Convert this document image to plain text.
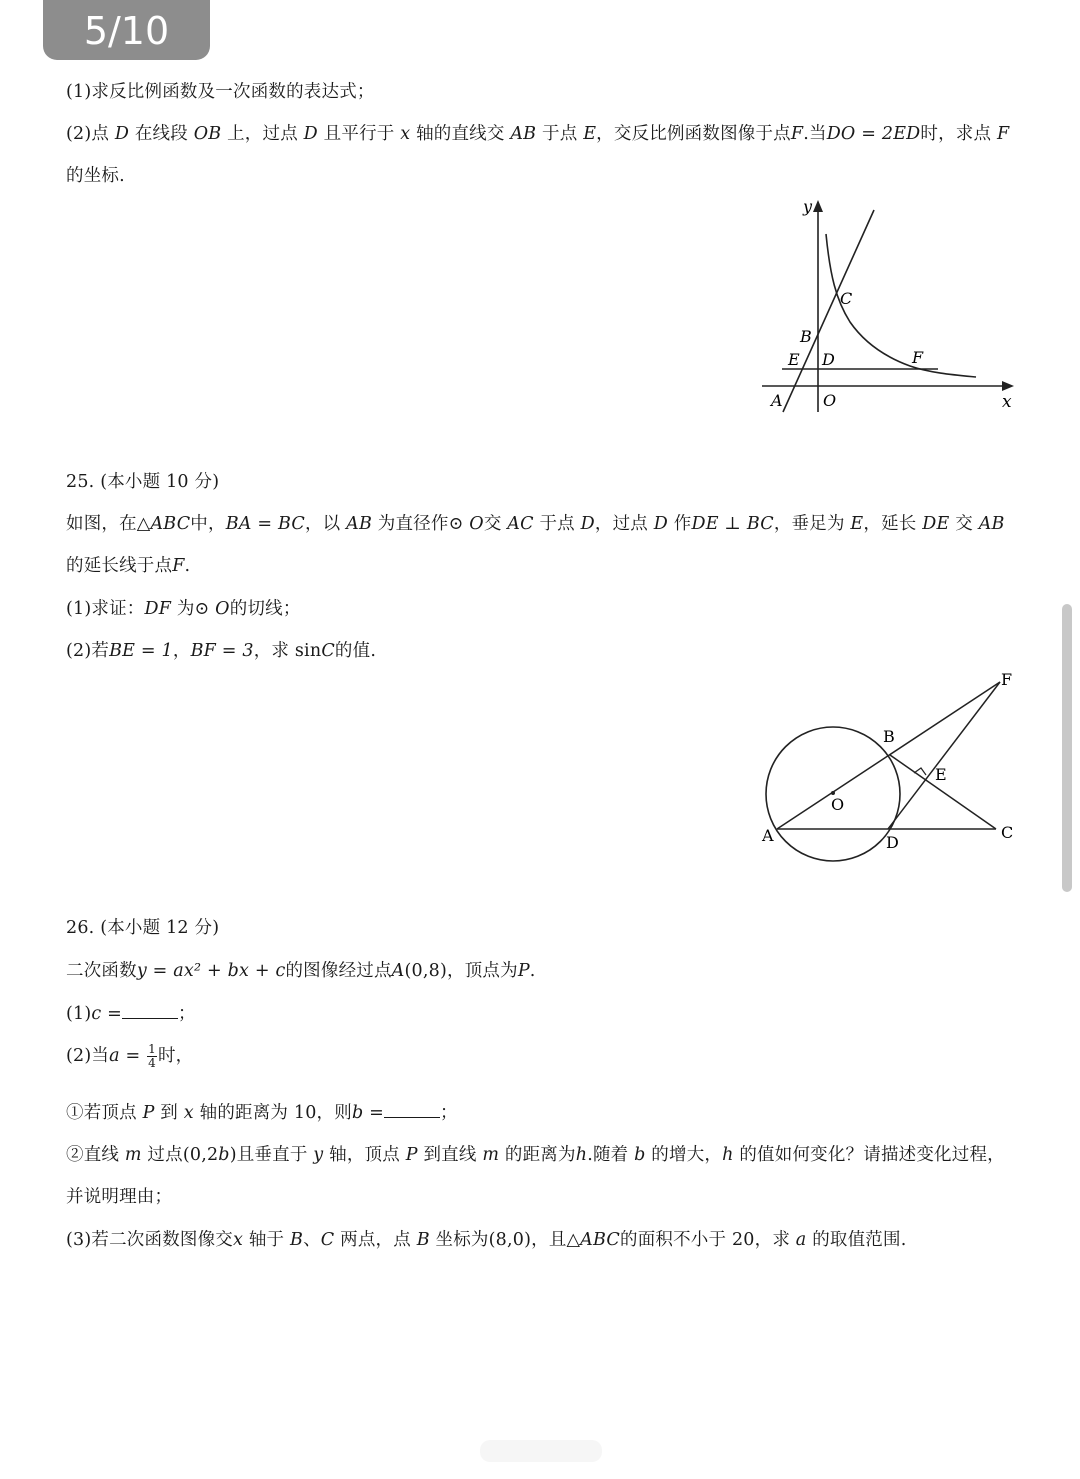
5/10
(1)求反比例函数及一次函数的表达式；
(2)点 D 在线段 OB 上，过点 D 且平行于 x 轴的直线交 AB 于点 E，交反比例函数图像于点F.当DO = 2ED时，求点 F
的坐标.
y
x
A	O
B
C
D
E	F
25. (本小题 10 分)
如图，在△ABC中，BA = BC，以 AB 为直径作⊙ O交 AC 于点 D，过点 D 作DE ⊥ BC，垂足为 E，延长 DE 交 AB
的延长线于点F.
(1)求证：DF 为⊙ O的切线；
(2)若BE = 1，BF = 3，求 sinC的值.
F
B
E
O
A	D
C
26. (本小题 12 分)
二次函数y = ax² + bx + c的图像经过点A(0,8)，顶点为P.
(1)c =	；
(2)当$a = \frac{1}{4}$ 时，
①若顶点 P 到 x 轴的距离为 10，则b =	；
②直线 m 过点(0,2b)且垂直于 y 轴，顶点 P 到直线 m 的距离为h.随着 b 的增大，h 的值如何变化？请描述变化过程，
并说明理由；
(3)若二次函数图像交x 轴于 B、C 两点，点 B 坐标为(8,0)，且△ABC的面积不小于 20，求 a 的取值范围.
